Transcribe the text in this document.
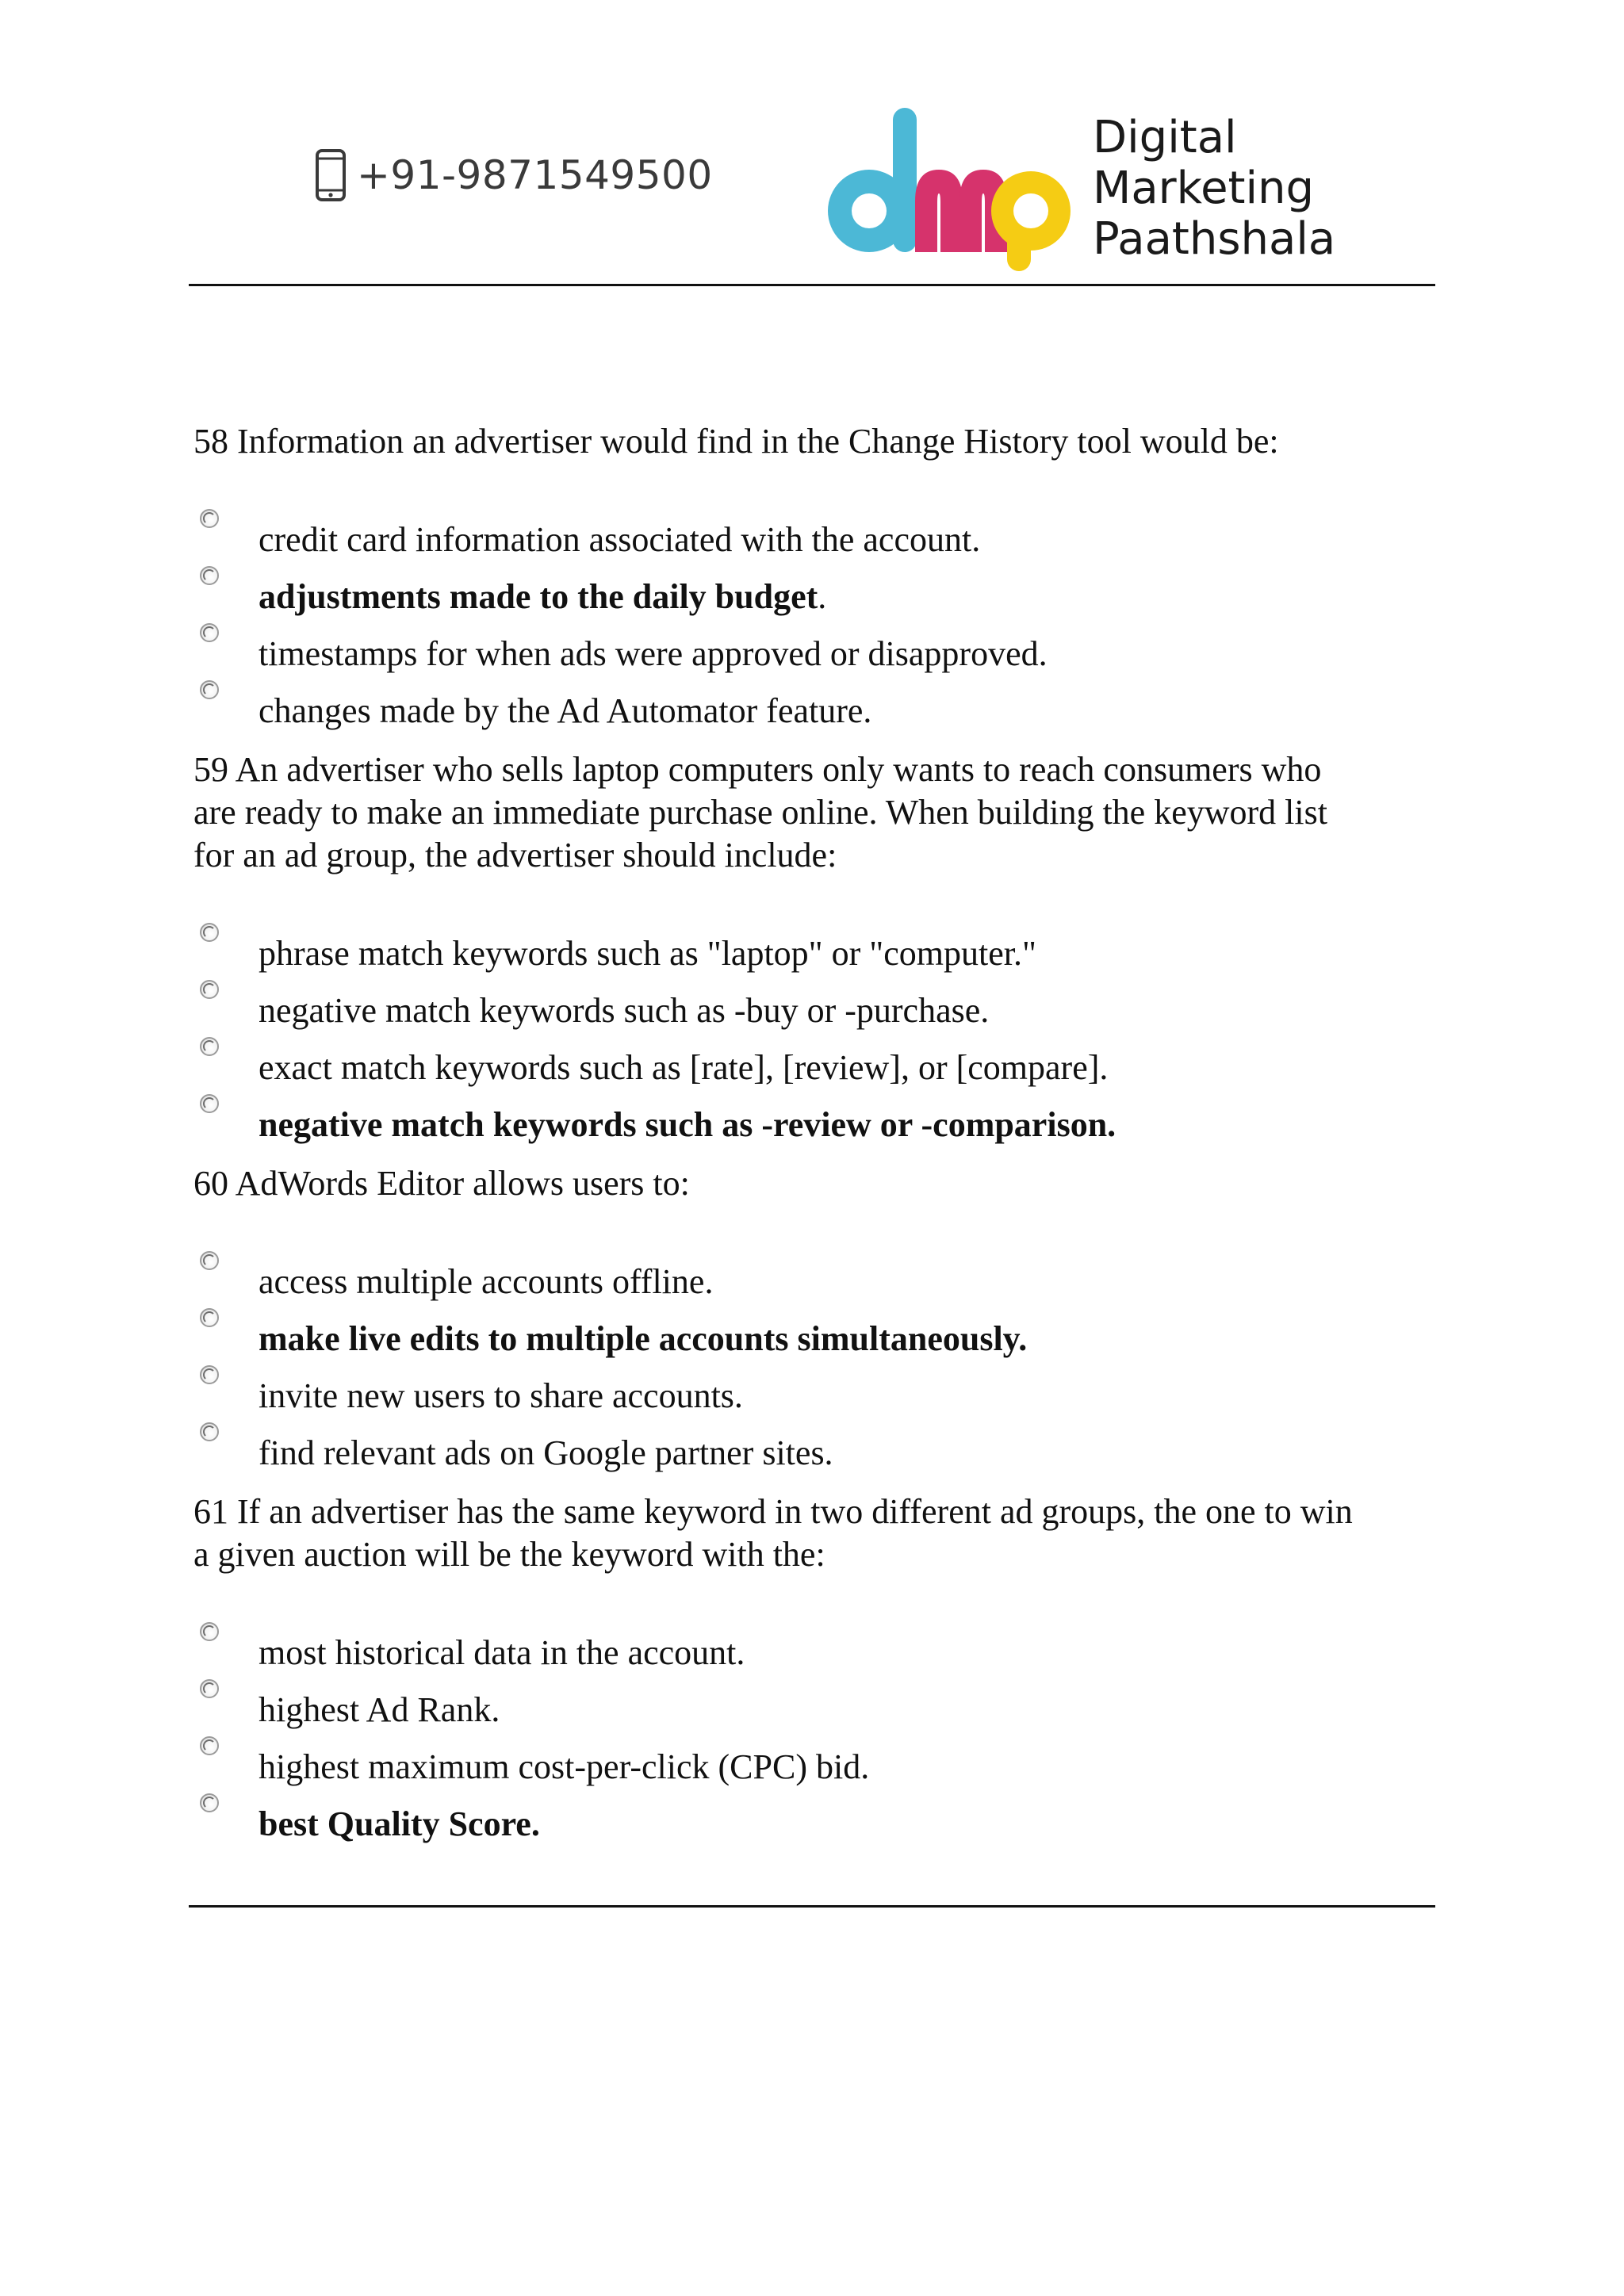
+91-9871549500
Digital
Marketing
Paathshala

58 Information an advertiser would find in the Change History tool would be:

credit card information associated with the account.
adjustments made to the daily budget.
timestamps for when ads were approved or disapproved.
changes made by the Ad Automator feature.

59 An advertiser who sells laptop computers only wants to reach consumers who
are ready to make an immediate purchase online. When building the keyword list
for an ad group, the advertiser should include:

phrase match keywords such as "laptop" or "computer."
negative match keywords such as -buy or -purchase.
exact match keywords such as [rate], [review], or [compare].
negative match keywords such as -review or -comparison.

60 AdWords Editor allows users to:

access multiple accounts offline.
make live edits to multiple accounts simultaneously.
invite new users to share accounts.
find relevant ads on Google partner sites.

61 If an advertiser has the same keyword in two different ad groups, the one to win
a given auction will be the keyword with the:

most historical data in the account.
highest Ad Rank.
highest maximum cost-per-click (CPC) bid.
best Quality Score.
